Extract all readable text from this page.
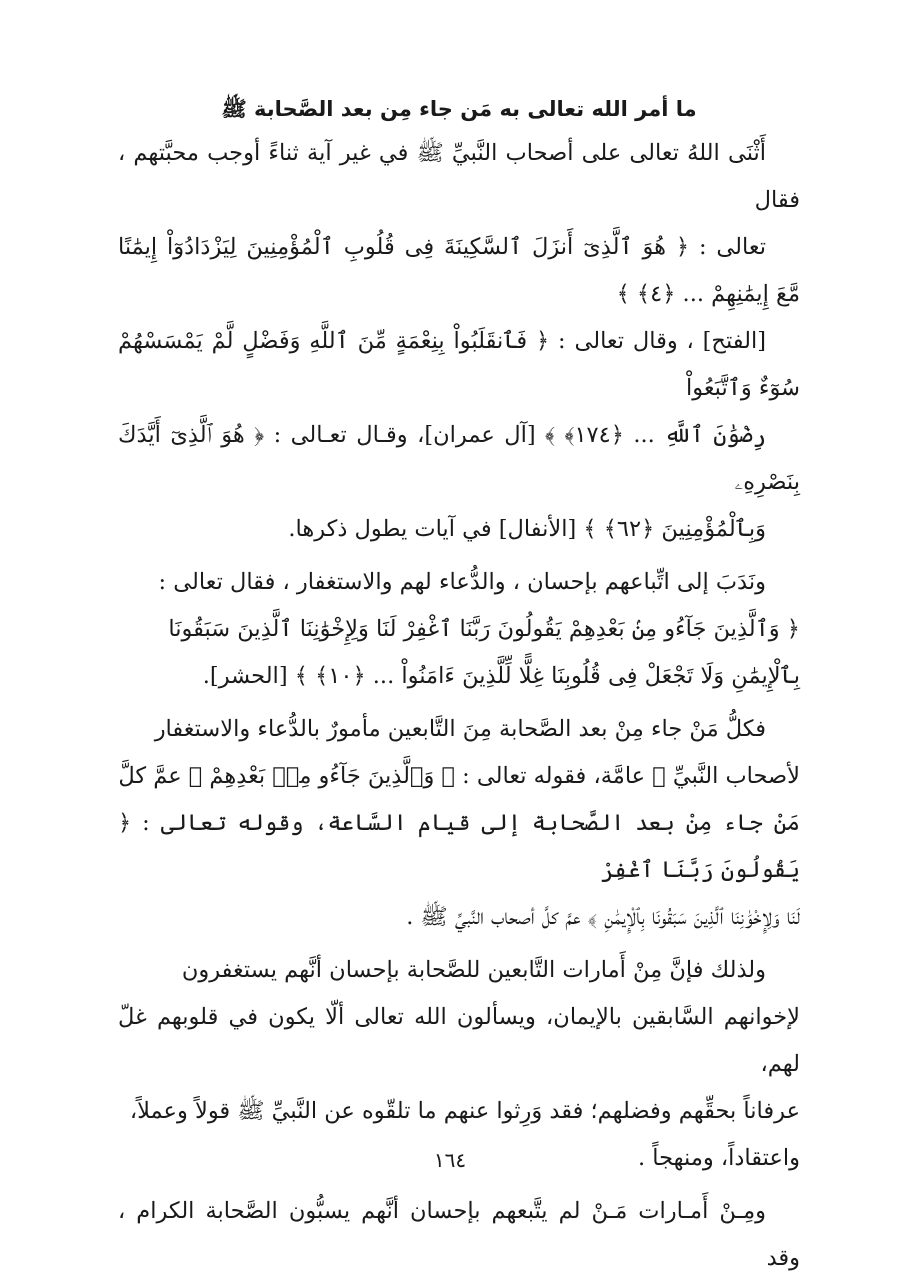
ما أمر الله تعالى به مَن جاء مِن بعد الصَّحابة ﷺ
أَثْنَى اللهُ تعالى على أصحاب النَّبيِّ ﷺ في غير آية ثناءً أوجب محبَّتهم ، فقال
تعالى : ﴿ هُوَ ٱلَّذِىٓ أَنزَلَ ٱلسَّكِينَةَ فِى قُلُوبِ ٱلْمُؤْمِنِينَ لِيَزْدَادُوٓاْ إِيمَٰنًا مَّعَ إِيمَٰنِهِمْ ... ﴿٤﴾ ﴾
[الفتح] ، وقال تعالى : ﴿ فَٱنقَلَبُواْ بِنِعْمَةٍ مِّنَ ٱللَّهِ وَفَضْلٍ لَّمْ يَمْسَسْهُمْ سُوٓءٌ وَٱتَّبَعُواْ
رِضْوَٰنَ ٱللَّهِ ... ﴿١٧٤﴾ ﴾ [آل عمران]، وقـال تعـالى : ﴿ هُوَ ٱلَّذِىٓ أَيَّدَكَ بِنَصْرِهِۦ
وَبِٱلْمُؤْمِنِينَ ﴿٦٢﴾ ﴾ [الأنفال] في آيات يطول ذكرها.
ونَدَبَ إلى اتِّباعهم بإحسان ، والدُّعاء لهم والاستغفار ، فقال تعالى :
﴿ وَٱلَّذِينَ جَآءُو مِنۢ بَعْدِهِمْ يَقُولُونَ رَبَّنَا ٱغْفِرْ لَنَا وَلِإِخْوَٰنِنَا ٱلَّذِينَ سَبَقُونَا
بِٱلْإِيمَٰنِ وَلَا تَجْعَلْ فِى قُلُوبِنَا غِلًّا لِّلَّذِينَ ءَامَنُواْ ... ﴿١٠﴾ ﴾ [الحشر].
فكلُّ مَنْ جاء مِنْ بعد الصَّحابة مِنَ التَّابعين مأمورٌ بالدُّعاء والاستغفار
لأصحاب النَّبيِّ ﷺ عامَّة، فقوله تعالى : ﴿ وَٱلَّذِينَ جَآءُو مِنۢ بَعْدِهِمْ ﴾ عمَّ كلَّ
مَنْ جاء مِنْ بعد الصَّحابة إلى قيام السَّاعة، وقوله تعالى : ﴿ يَقُولُونَ رَبَّنَا ٱغْفِرْ
لَنَا وَلِإِخْوَٰنِنَا ٱلَّذِينَ سَبَقُونَا بِٱلْإِيمَٰنِ ﴾ عمَّ كلَّ أصحاب النَّبيِّ ﷺ .
ولذلك فإنَّ مِنْ أَمارات التَّابعين للصَّحابة بإحسان أنَّهم يستغفرون
لإخوانهم السَّابقين بالإيمان، ويسألون الله تعالى ألّا يكون في قلوبهم غلّ لهم،
عرفاناً بحقِّهم وفضلهم؛ فقد وَرِثوا عنهم ما تلقّوه عن النَّبيِّ ﷺ قولاً وعملاً،
واعتقاداً، ومنهجاً .
ومِـنْ أَمـارات مَـنْ لم يتَّبعهم بإحسان أنَّهم يسبُّون الصَّحابة الكرام ، وقد
١٦٤
